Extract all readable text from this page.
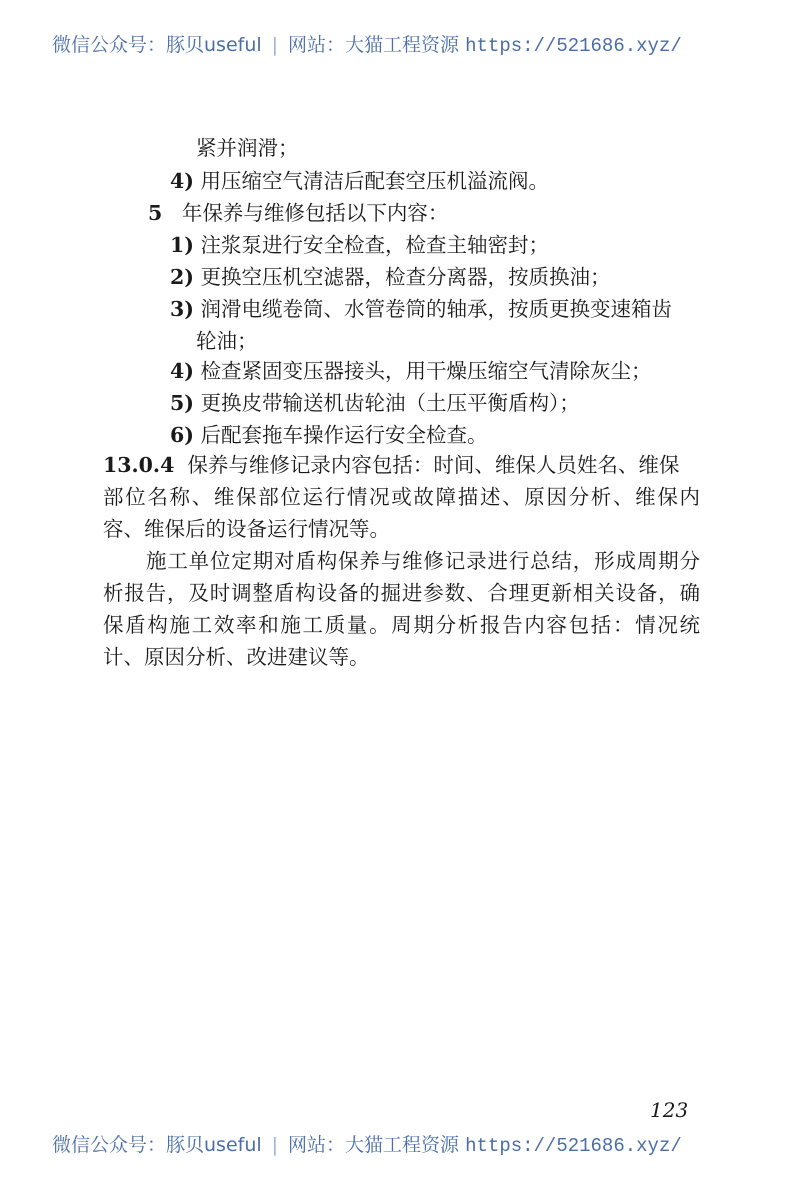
微信公众号：豚贝useful | 网站：大猫工程资源 https://521686.xyz/
紧并润滑；
4) 用压缩空气清洁后配套空压机溢流阀。
5 年保养与维修包括以下内容：
1) 注浆泵进行安全检查，检查主轴密封；
2) 更换空压机空滤器，检查分离器，按质换油；
3) 润滑电缆卷筒、水管卷筒的轴承，按质更换变速箱齿
轮油；
4) 检查紧固变压器接头，用干燥压缩空气清除灰尘；
5) 更换皮带输送机齿轮油（土压平衡盾构）；
6) 后配套拖车操作运行安全检查。
13.0.4 保养与维修记录内容包括：时间、维保人员姓名、维保
部位名称、维保部位运行情况或故障描述、原因分析、维保内
容、维保后的设备运行情况等。
施工单位定期对盾构保养与维修记录进行总结，形成周期分
析报告，及时调整盾构设备的掘进参数、合理更新相关设备，确
保盾构施工效率和施工质量。周期分析报告内容包括：情况统
计、原因分析、改进建议等。
123
微信公众号：豚贝useful | 网站：大猫工程资源 https://521686.xyz/
